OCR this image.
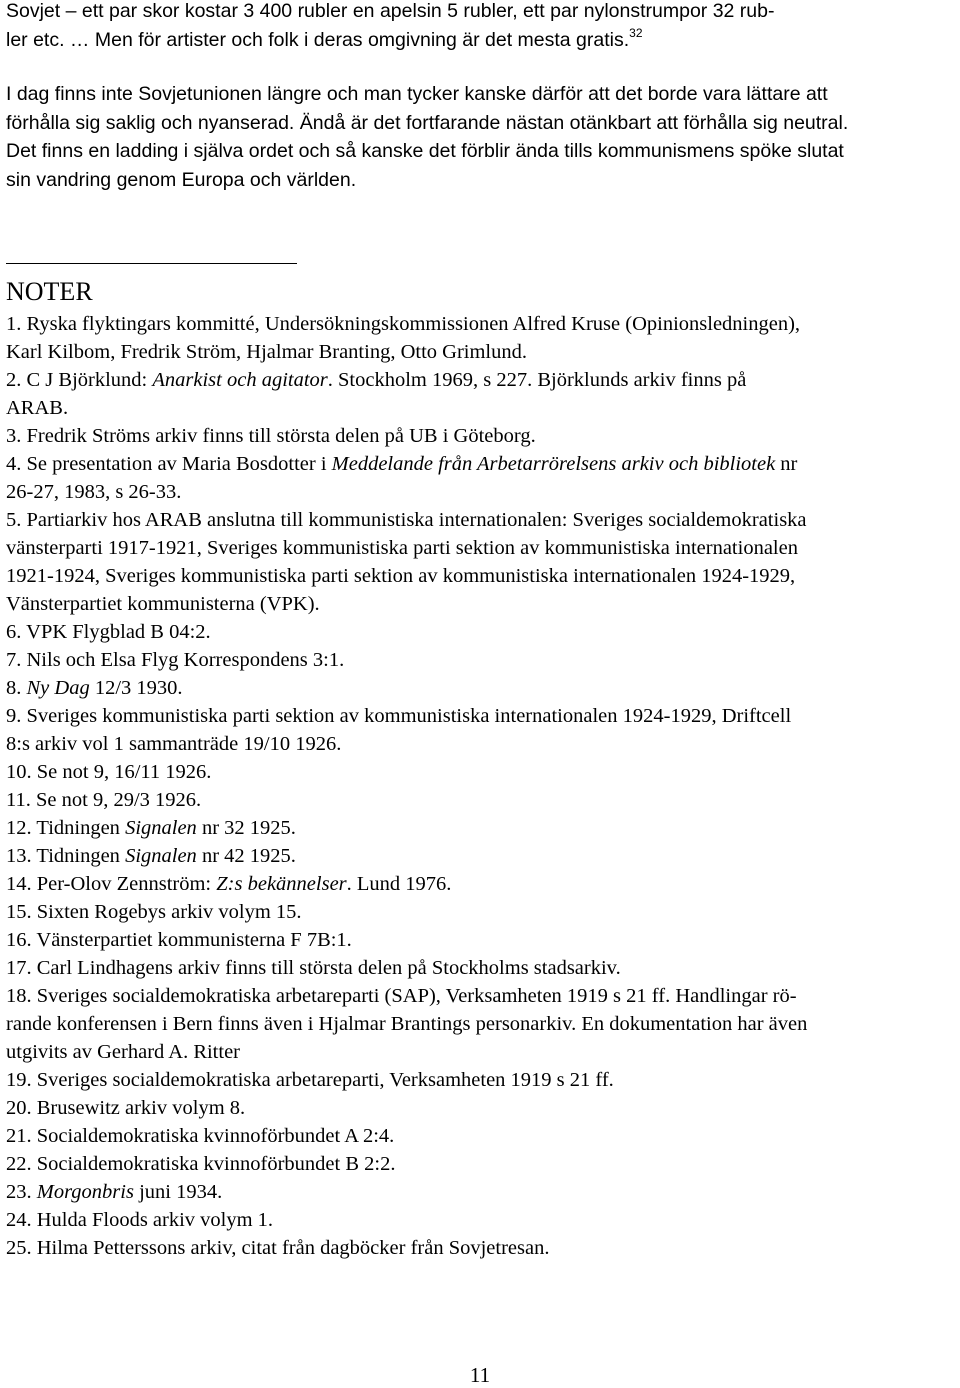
Sovjet – ett par skor kostar 3 400 rubler en apelsin 5 rubler, ett par nylonstrumpor 32 rub-
ler etc. … Men för artister och folk i deras omgivning är det mesta gratis.$^{32}$

I dag finns inte Sovjetunionen längre och man tycker kanske därför att det borde vara lättare att
förhålla sig saklig och nyanserad. Ändå är det fortfarande nästan otänkbart att förhålla sig neutral.
Det finns en ladding i själva ordet och så kanske det förblir ända tills kommunismens spöke slutat
sin vandring genom Europa och världen.

NOTER
1. Ryska flyktingars kommitté, Undersökningskommissionen Alfred Kruse (Opinionsledningen),
Karl Kilbom, Fredrik Ström, Hjalmar Branting, Otto Grimlund.
2. C J Björklund: Anarkist och agitator. Stockholm 1969, s 227. Björklunds arkiv finns på
ARAB.
3. Fredrik Ströms arkiv finns till största delen på UB i Göteborg.
4. Se presentation av Maria Bosdotter i Meddelande från Arbetarrörelsens arkiv och bibliotek nr
26-27, 1983, s 26-33.
5. Partiarkiv hos ARAB anslutna till kommunistiska internationalen: Sveriges socialdemokratiska
vänsterparti 1917-1921, Sveriges kommunistiska parti sektion av kommunistiska internationalen
1921-1924, Sveriges kommunistiska parti sektion av kommunistiska internationalen 1924-1929,
Vänsterpartiet kommunisterna (VPK).
6. VPK Flygblad B 04:2.
7. Nils och Elsa Flyg Korrespondens 3:1.
8. Ny Dag 12/3 1930.
9. Sveriges kommunistiska parti sektion av kommunistiska internationalen 1924-1929, Driftcell
8:s arkiv vol 1 sammanträde 19/10 1926.
10. Se not 9, 16/11 1926.
11. Se not 9, 29/3 1926.
12. Tidningen Signalen nr 32 1925.
13. Tidningen Signalen nr 42 1925.
14. Per-Olov Zennström: Z:s bekännelser. Lund 1976.
15. Sixten Rogebys arkiv volym 15.
16. Vänsterpartiet kommunisterna F 7B:1.
17. Carl Lindhagens arkiv finns till största delen på Stockholms stadsarkiv.
18. Sveriges socialdemokratiska arbetareparti (SAP), Verksamheten 1919 s 21 ff. Handlingar rö-
rande konferensen i Bern finns även i Hjalmar Brantings personarkiv. En dokumentation har även
utgivits av Gerhard A. Ritter
19. Sveriges socialdemokratiska arbetareparti, Verksamheten 1919 s 21 ff.
20. Brusewitz arkiv volym 8.
21. Socialdemokratiska kvinnoförbundet A 2:4.
22. Socialdemokratiska kvinnoförbundet B 2:2.
23. Morgonbris juni 1934.
24. Hulda Floods arkiv volym 1.
25. Hilma Petterssons arkiv, citat från dagböcker från Sovjetresan.
11
